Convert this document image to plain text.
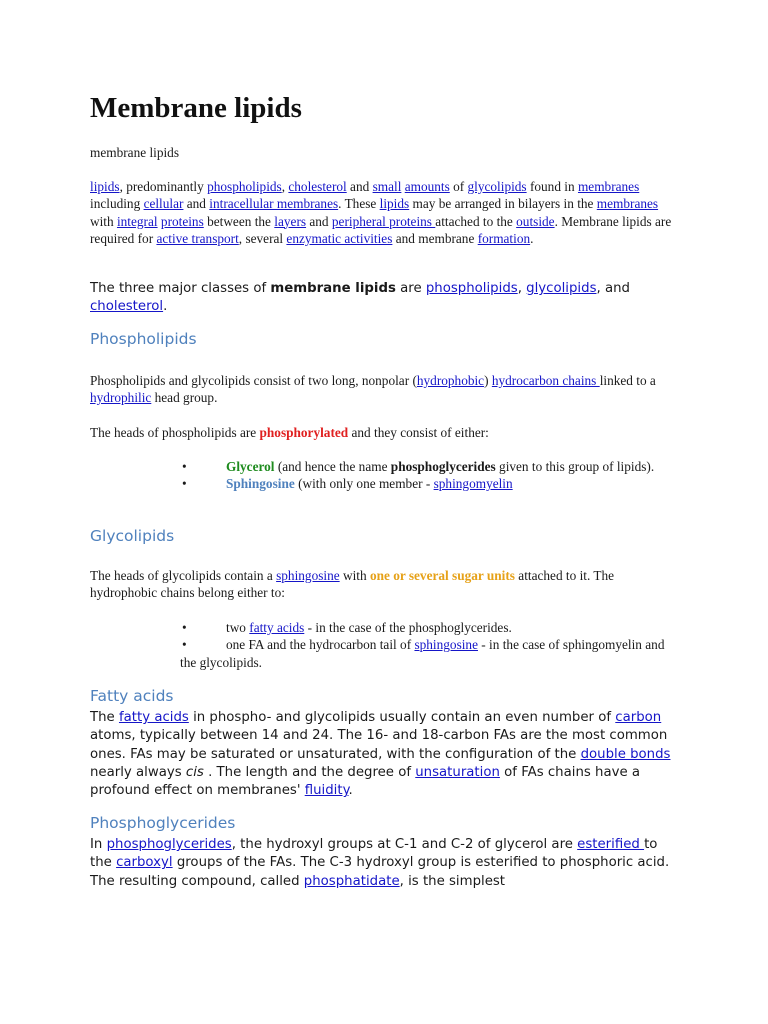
Membrane lipids

membrane lipids

lipids, predominantly phospholipids, cholesterol and small amounts of glycolipids found in membranes including cellular and intracellular membranes. These lipids may be arranged in bilayers in the membranes with integral proteins between the layers and peripheral proteins attached to the outside. Membrane lipids are required for active transport, several enzymatic activities and membrane formation.

The three major classes of membrane lipids are phospholipids, glycolipids, and cholesterol.

Phospholipids

Phospholipids and glycolipids consist of two long, nonpolar (hydrophobic) hydrocarbon chains linked to a hydrophilic head group.

The heads of phospholipids are phosphorylated and they consist of either:

•	Glycerol (and hence the name phosphoglycerides given to this group of lipids).
•	Sphingosine (with only one member - sphingomyelin
Glycolipids

The heads of glycolipids contain a sphingosine with one or several sugar units attached to it. The hydrophobic chains belong either to:

•	two fatty acids - in the case of the phosphoglycerides.
•	one FA and the hydrocarbon tail of sphingosine - in the case of sphingomyelin and the glycolipids.
Fatty acids

The fatty acids in phospho- and glycolipids usually contain an even number of carbon atoms, typically between 14 and 24. The 16- and 18-carbon FAs are the most common ones. FAs may be saturated or unsaturated, with the configuration of the double bonds nearly always cis . The length and the degree of unsaturation of FAs chains have a profound effect on membranes' fluidity.

Phosphoglycerides

In phosphoglycerides, the hydroxyl groups at C-1 and C-2 of glycerol are esterified to the carboxyl groups of the FAs. The C-3 hydroxyl group is esterified to phosphoric acid. The resulting compound, called phosphatidate, is the simplest
